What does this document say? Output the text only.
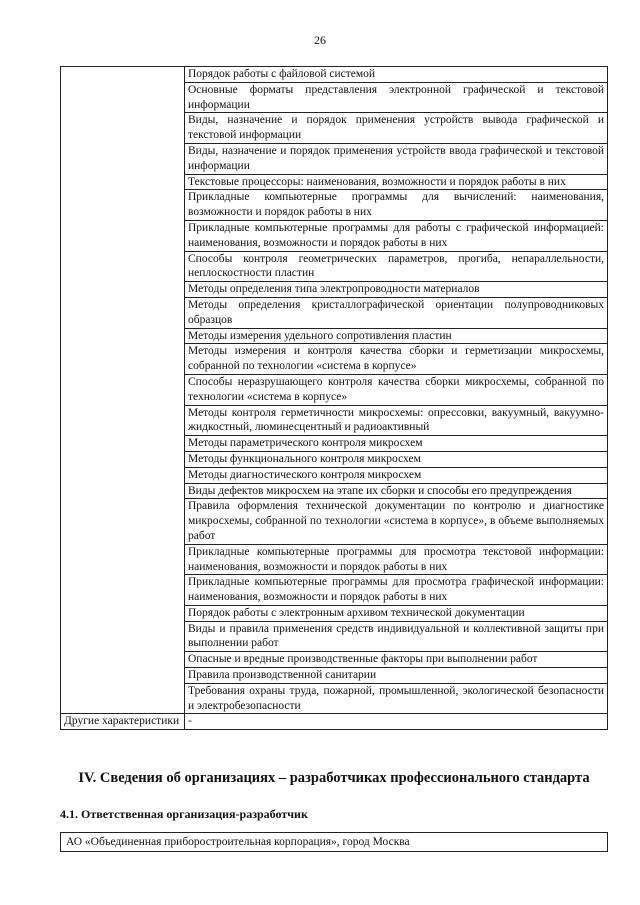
26
	Порядок работы с файловой системой
	Основные форматы представления электронной графической и текстовой информации
	Виды, назначение и порядок применения устройств вывода графической и текстовой информации
	Виды, назначение и порядок применения устройств ввода графической и текстовой информации
	Текстовые процессоры: наименования, возможности и порядок работы в них
	Прикладные компьютерные программы для вычислений: наименования, возможности и порядок работы в них
	Прикладные компьютерные программы для работы с графической информацией: наименования, возможности и порядок работы в них
	Способы контроля геометрических параметров, прогиба, непараллельности, неплоскостности пластин
	Методы определения типа электропроводности материалов
	Методы определения кристаллографической ориентации полупроводниковых образцов
	Методы измерения удельного сопротивления пластин
	Методы измерения и контроля качества сборки и герметизации микросхемы, собранной по технологии «система в корпусе»
	Способы неразрушающего контроля качества сборки микросхемы, собранной по технологии «система в корпусе»
	Методы контроля герметичности микросхемы: опрессовки, вакуумный, вакуумно-жидкостный, люминесцентный и радиоактивный
	Методы параметрического контроля микросхем
	Методы функционального контроля микросхем
	Методы диагностического контроля микросхем
	Виды дефектов микросхем на этапе их сборки и способы его предупреждения
	Правила оформления технической документации по контролю и диагностике микросхемы, собранной по технологии «система в корпусе», в объеме выполняемых работ
	Прикладные компьютерные программы для просмотра текстовой информации: наименования, возможности и порядок работы в них
	Прикладные компьютерные программы для просмотра графической информации: наименования, возможности и порядок работы в них
	Порядок работы с электронным архивом технической документации
	Виды и правила применения средств индивидуальной и коллективной защиты при выполнении работ
	Опасные и вредные производственные факторы при выполнении работ
	Правила производственной санитарии
	Требования охраны труда, пожарной, промышленной, экологической безопасности и электробезопасности
Другие характеристики	-
IV. Сведения об организациях – разработчиках профессионального стандарта
4.1. Ответственная организация-разработчик
АО «Объединенная приборостроительная корпорация», город Москва
